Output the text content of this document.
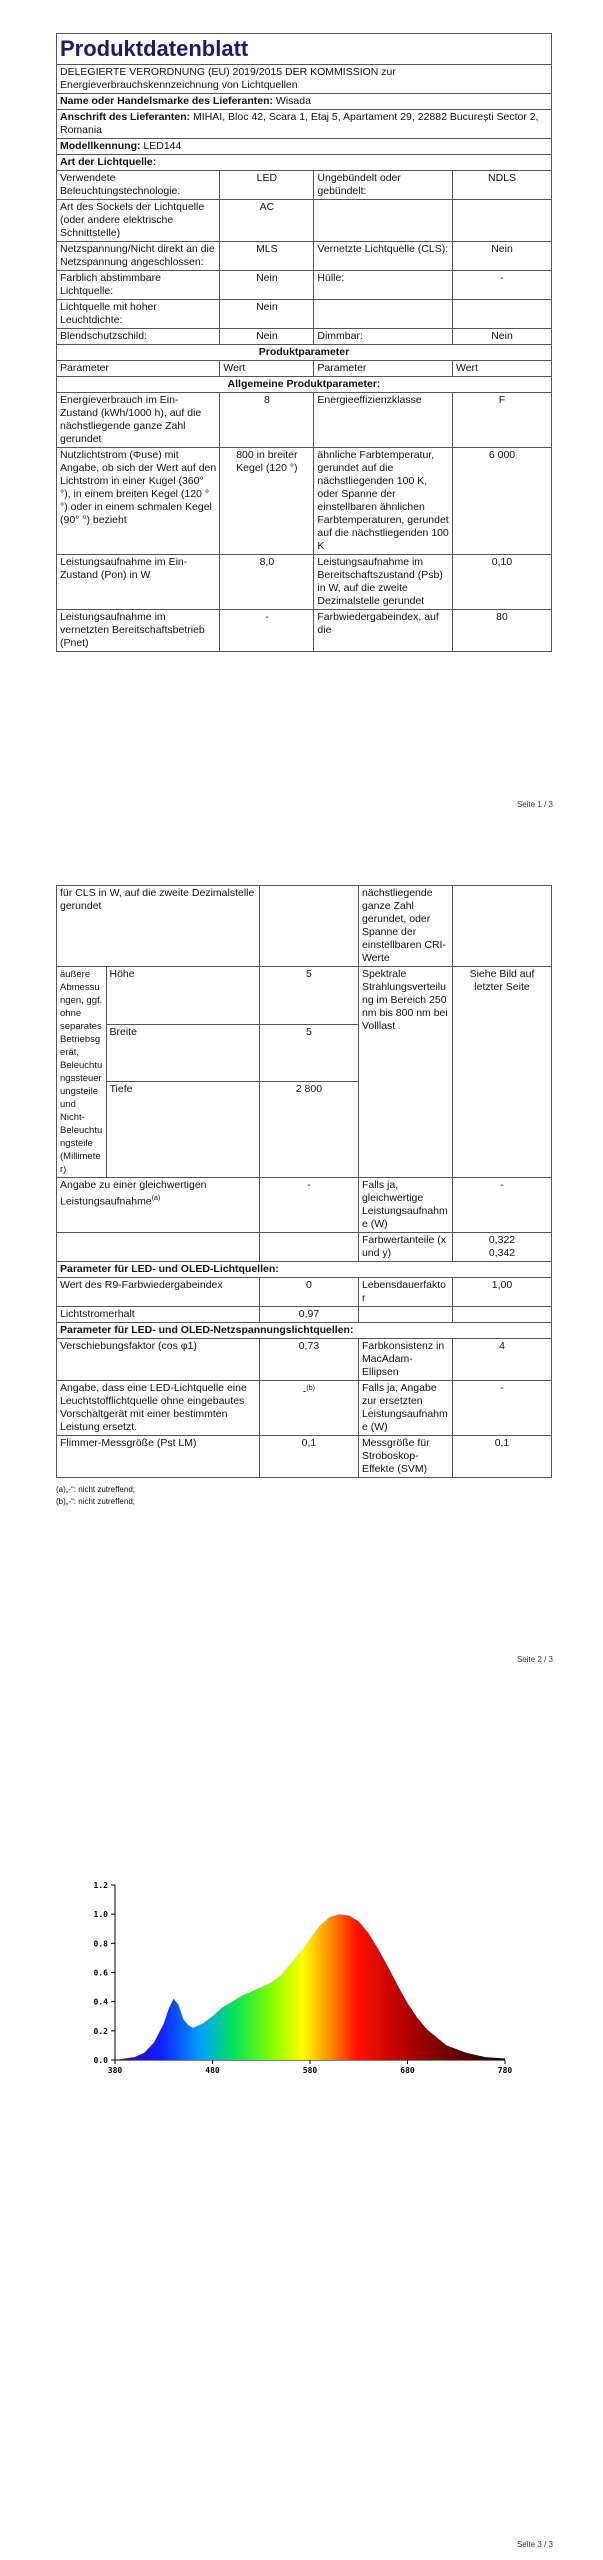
Produktdatenblatt			
DELEGIERTE VERORDNUNG (EU) 2019/2015 DER KOMMISSION zur Energieverbrauchskennzeichnung von Lichtquellen			
Name oder Handelsmarke des Lieferanten: Wisada			
Anschrift des Lieferanten: MIHAI, Bloc 42, Scara 1, Etaj 5, Apartament 29, 22882 București Sector 2, Romania			
Modellkennung: LED144			
Art der Lichtquelle:			
Verwendete Beleuchtungstechnologie:	LED	Ungebündelt oder gebündelt:	NDLS
Art des Sockels der Lichtquelle (oder andere elektrische Schnittstelle)	AC		
Netzspannung/Nicht direkt an die Netzspannung angeschlossen:	MLS	Vernetzte Lichtquelle (CLS):	Nein
Farblich abstimmbare Lichtquelle:	Nein	Hülle:	-
Lichtquelle mit hoher Leuchtdichte:	Nein		
Blendschutzschild:	Nein	Dimmbar:	Nein
Produktparameter			
Parameter	Wert	Parameter	Wert
Allgemeine Produktparameter:			
Energieverbrauch im Ein-Zustand (kWh/1000 h), auf die nächstliegende ganze Zahl gerundet	8	Energieeffizienzklasse	F
Nutzlichtstrom (Φuse) mit Angabe, ob sich der Wert auf den Lichtstrom in einer Kugel (360° °), in einem breiten Kegel (120 °°) oder in einem schmalen Kegel (90° °) bezieht	800 in breiter Kegel (120 °)	ähnliche Farbtemperatur, gerundet auf die nächstliegenden 100 K, oder Spanne der einstellbaren ähnlichen Farbtemperaturen, gerundet auf die nächstliegenden 100 K	6 000
Leistungsaufnahme im Ein-Zustand (Pon) in W	8,0	Leistungsaufnahme im Bereitschaftszustand (Psb) in W, auf die zweite Dezimalstelle gerundet	0,10
Leistungsaufnahme im vernetzten Bereitschaftsbetrieb (Pnet)	-	Farbwiedergabeindex, auf die	80
Seite 1 / 3
für CLS in W, auf die zweite Dezimalstelle gerundet			nächstliegende ganze Zahl gerundet, oder Spanne der einstellbaren CRI-Werte	
äußere Abmessungen, ggf. ohne separates Betriebsgerät, Beleuchtungssteuerungsteile und Nicht-Beleuchtungsteile (Millimeter)	Höhe	5	Spektrale Strahlungsverteilung im Bereich 250 nm bis 800 nm bei Volllast	Siehe Bild auf letzter Seite
	Breite	5		
	Tiefe	2 800		
Angabe zu einer gleichwertigen Leistungsaufnahme$^{(a)}$		-	Falls ja, gleichwertige Leistungsaufnahme (W)	-
			Farbwertanteile (x und y)	0,322
0,342

Parameter für LED- und OLED-Lichtquellen:				
Wert des R9-Farbwiedergabeindex		0	Lebensdauerfaktor	1,00
Lichtstromerhalt		0,97		
Parameter für LED- und OLED-Netzspannungslichtquellen:				
Verschiebungsfaktor (cos φ1)		0,73	Farbkonsistenz in MacAdam-Ellipsen	4
Angabe, dass eine LED-Lichtquelle eine Leuchtstofflichtquelle ohne eingebautes Vorschaltgerät mit einer bestimmten Leistung ersetzt.		-$^{(b)}$	Falls ja, Angabe zur ersetzten Leistungsaufnahme (W)	-
Flimmer-Messgröße (Pst LM)		0,1	Messgröße für Stroboskop-Effekte (SVM)	0,1
(a)„-“: nicht zutreffend;
(b)„-“: nicht zutreffend;
Seite 2 / 3
0.0
0.2
0.4
0.6
0.8
1.0
1.2
380	480	580	680	780
Seite 3 / 3
